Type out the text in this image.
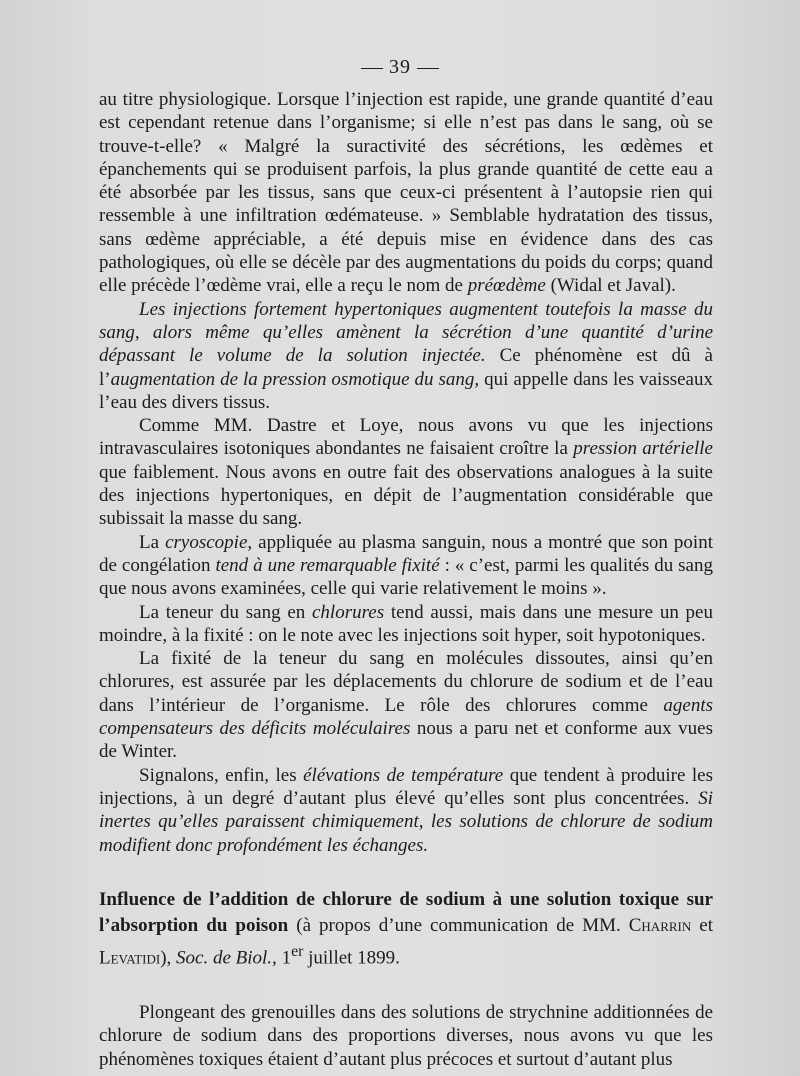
39

au titre physiologique. Lorsque l’injection est rapide, une grande quantité d’eau est cependant retenue dans l’organisme; si elle n’est pas dans le sang, où se trouve-t-elle? « Malgré la suractivité des sécrétions, les œdèmes et épanchements qui se produisent parfois, la plus grande quantité de cette eau a été absorbée par les tissus, sans que ceux-ci présentent à l’autopsie rien qui ressemble à une infiltration œdémateuse. » Semblable hydratation des tissus, sans œdème appréciable, a été depuis mise en évidence dans des cas pathologiques, où elle se décèle par des augmentations du poids du corps; quand elle précède l’œdème vrai, elle a reçu le nom de préœdème (Widal et Javal).

Les injections fortement hypertoniques augmentent toutefois la masse du sang, alors même qu’elles amènent la sécrétion d’une quantité d’urine dépassant le volume de la solution injectée. Ce phénomène est dû à l’augmentation de la pression osmotique du sang, qui appelle dans les vaisseaux l’eau des divers tissus.

Comme MM. Dastre et Loye, nous avons vu que les injections intravasculaires isotoniques abondantes ne faisaient croître la pression artérielle que faiblement. Nous avons en outre fait des observations analogues à la suite des injections hypertoniques, en dépit de l’augmentation considérable que subissait la masse du sang.

La cryoscopie, appliquée au plasma sanguin, nous a montré que son point de congélation tend à une remarquable fixité : « c’est, parmi les qualités du sang que nous avons examinées, celle qui varie relativement le moins ».

La teneur du sang en chlorures tend aussi, mais dans une mesure un peu moindre, à la fixité : on le note avec les injections soit hyper, soit hypotoniques.

La fixité de la teneur du sang en molécules dissoutes, ainsi qu’en chlorures, est assurée par les déplacements du chlorure de sodium et de l’eau dans l’intérieur de l’organisme. Le rôle des chlorures comme agents compensateurs des déficits moléculaires nous a paru net et conforme aux vues de Winter.

Signalons, enfin, les élévations de température que tendent à produire les injections, à un degré d’autant plus élevé qu’elles sont plus concentrées. Si inertes qu’elles paraissent chimiquement, les solutions de chlorure de sodium modifient donc profondément les échanges.

Influence de l’addition de chlorure de sodium à une solution toxique sur l’absorption du poison (à propos d’une communication de MM. Charrin et Levatidi), Soc. de Biol., 1er juillet 1899.

Plongeant des grenouilles dans des solutions de strychnine additionnées de chlorure de sodium dans des proportions diverses, nous avons vu que les phénomènes toxiques étaient d’autant plus précoces et surtout d’autant plus
